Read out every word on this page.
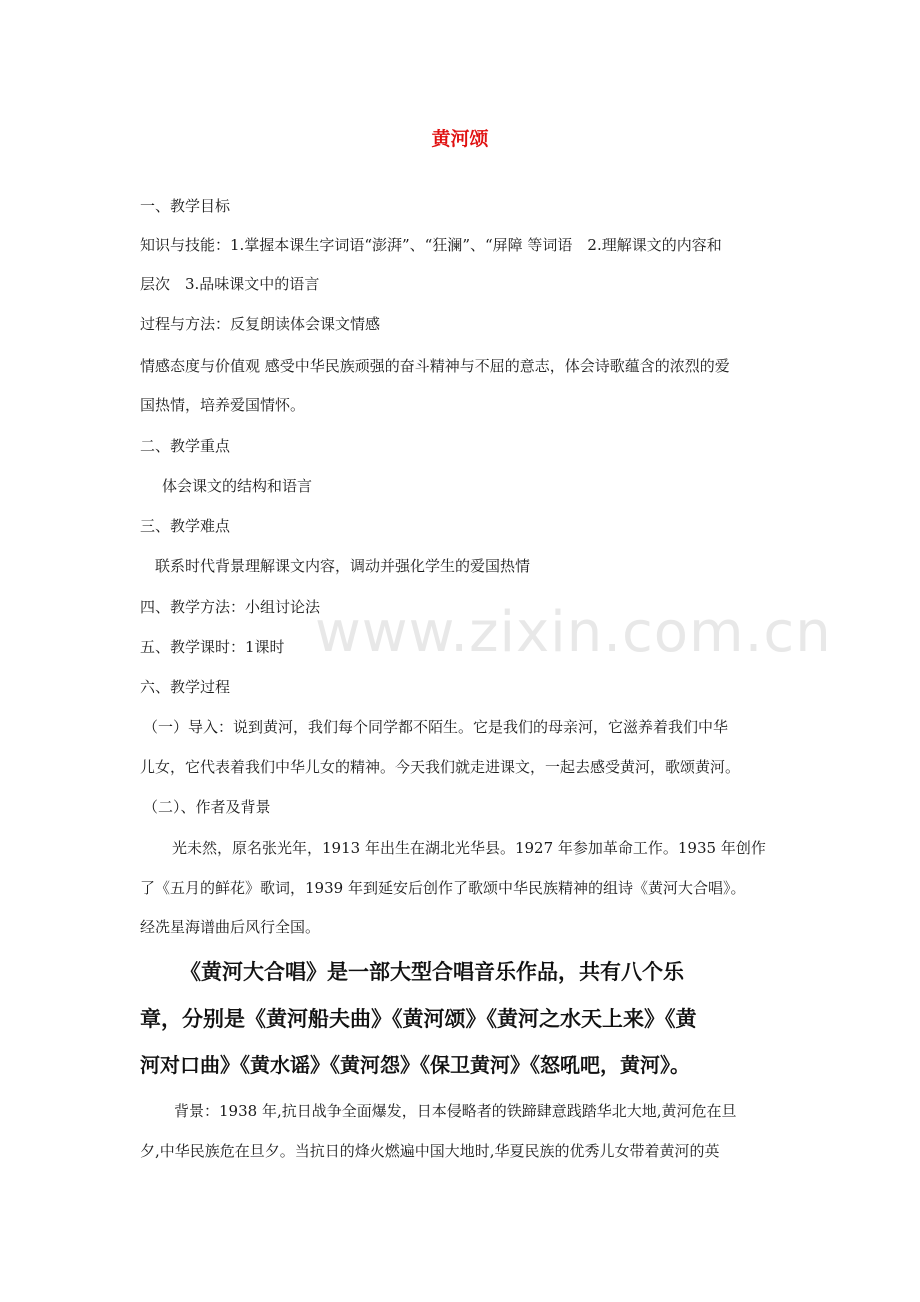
黄河颂
www.zixin.com.cn
一、教学目标
知识与技能：1.掌握本课生字词语“澎湃”、“狂澜”、“屏障 等词语　2.理解课文的内容和
层次　3.品味课文中的语言
过程与方法：反复朗读体会课文情感
情感态度与价值观 感受中华民族顽强的奋斗精神与不屈的意志，体会诗歌蕴含的浓烈的爱
国热情，培养爱国情怀。
二、教学重点
体会课文的结构和语言
三、教学难点
联系时代背景理解课文内容，调动并强化学生的爱国热情
四、教学方法：小组讨论法
五、教学课时：1课时
六、教学过程
（一）导入：说到黄河，我们每个同学都不陌生。它是我们的母亲河，它滋养着我们中华
儿女，它代表着我们中华儿女的精神。今天我们就走进课文，一起去感受黄河，歌颂黄河。
（二）、作者及背景
光未然，原名张光年，1913 年出生在湖北光华县。1927 年参加革命工作。1935 年创作
了《五月的鲜花》歌词，1939 年到延安后创作了歌颂中华民族精神的组诗《黄河大合唱》。
经冼星海谱曲后风行全国。
《黄河大合唱》是一部大型合唱音乐作品，共有八个乐
章，分别是《黄河船夫曲》《黄河颂》《黄河之水天上来》《黄
河对口曲》《黄水谣》《黄河怨》《保卫黄河》《怒吼吧，黄河》。
背景：1938 年,抗日战争全面爆发，日本侵略者的铁蹄肆意践踏华北大地,黄河危在旦
夕,中华民族危在旦夕。当抗日的烽火燃遍中国大地时,华夏民族的优秀儿女带着黄河的英
